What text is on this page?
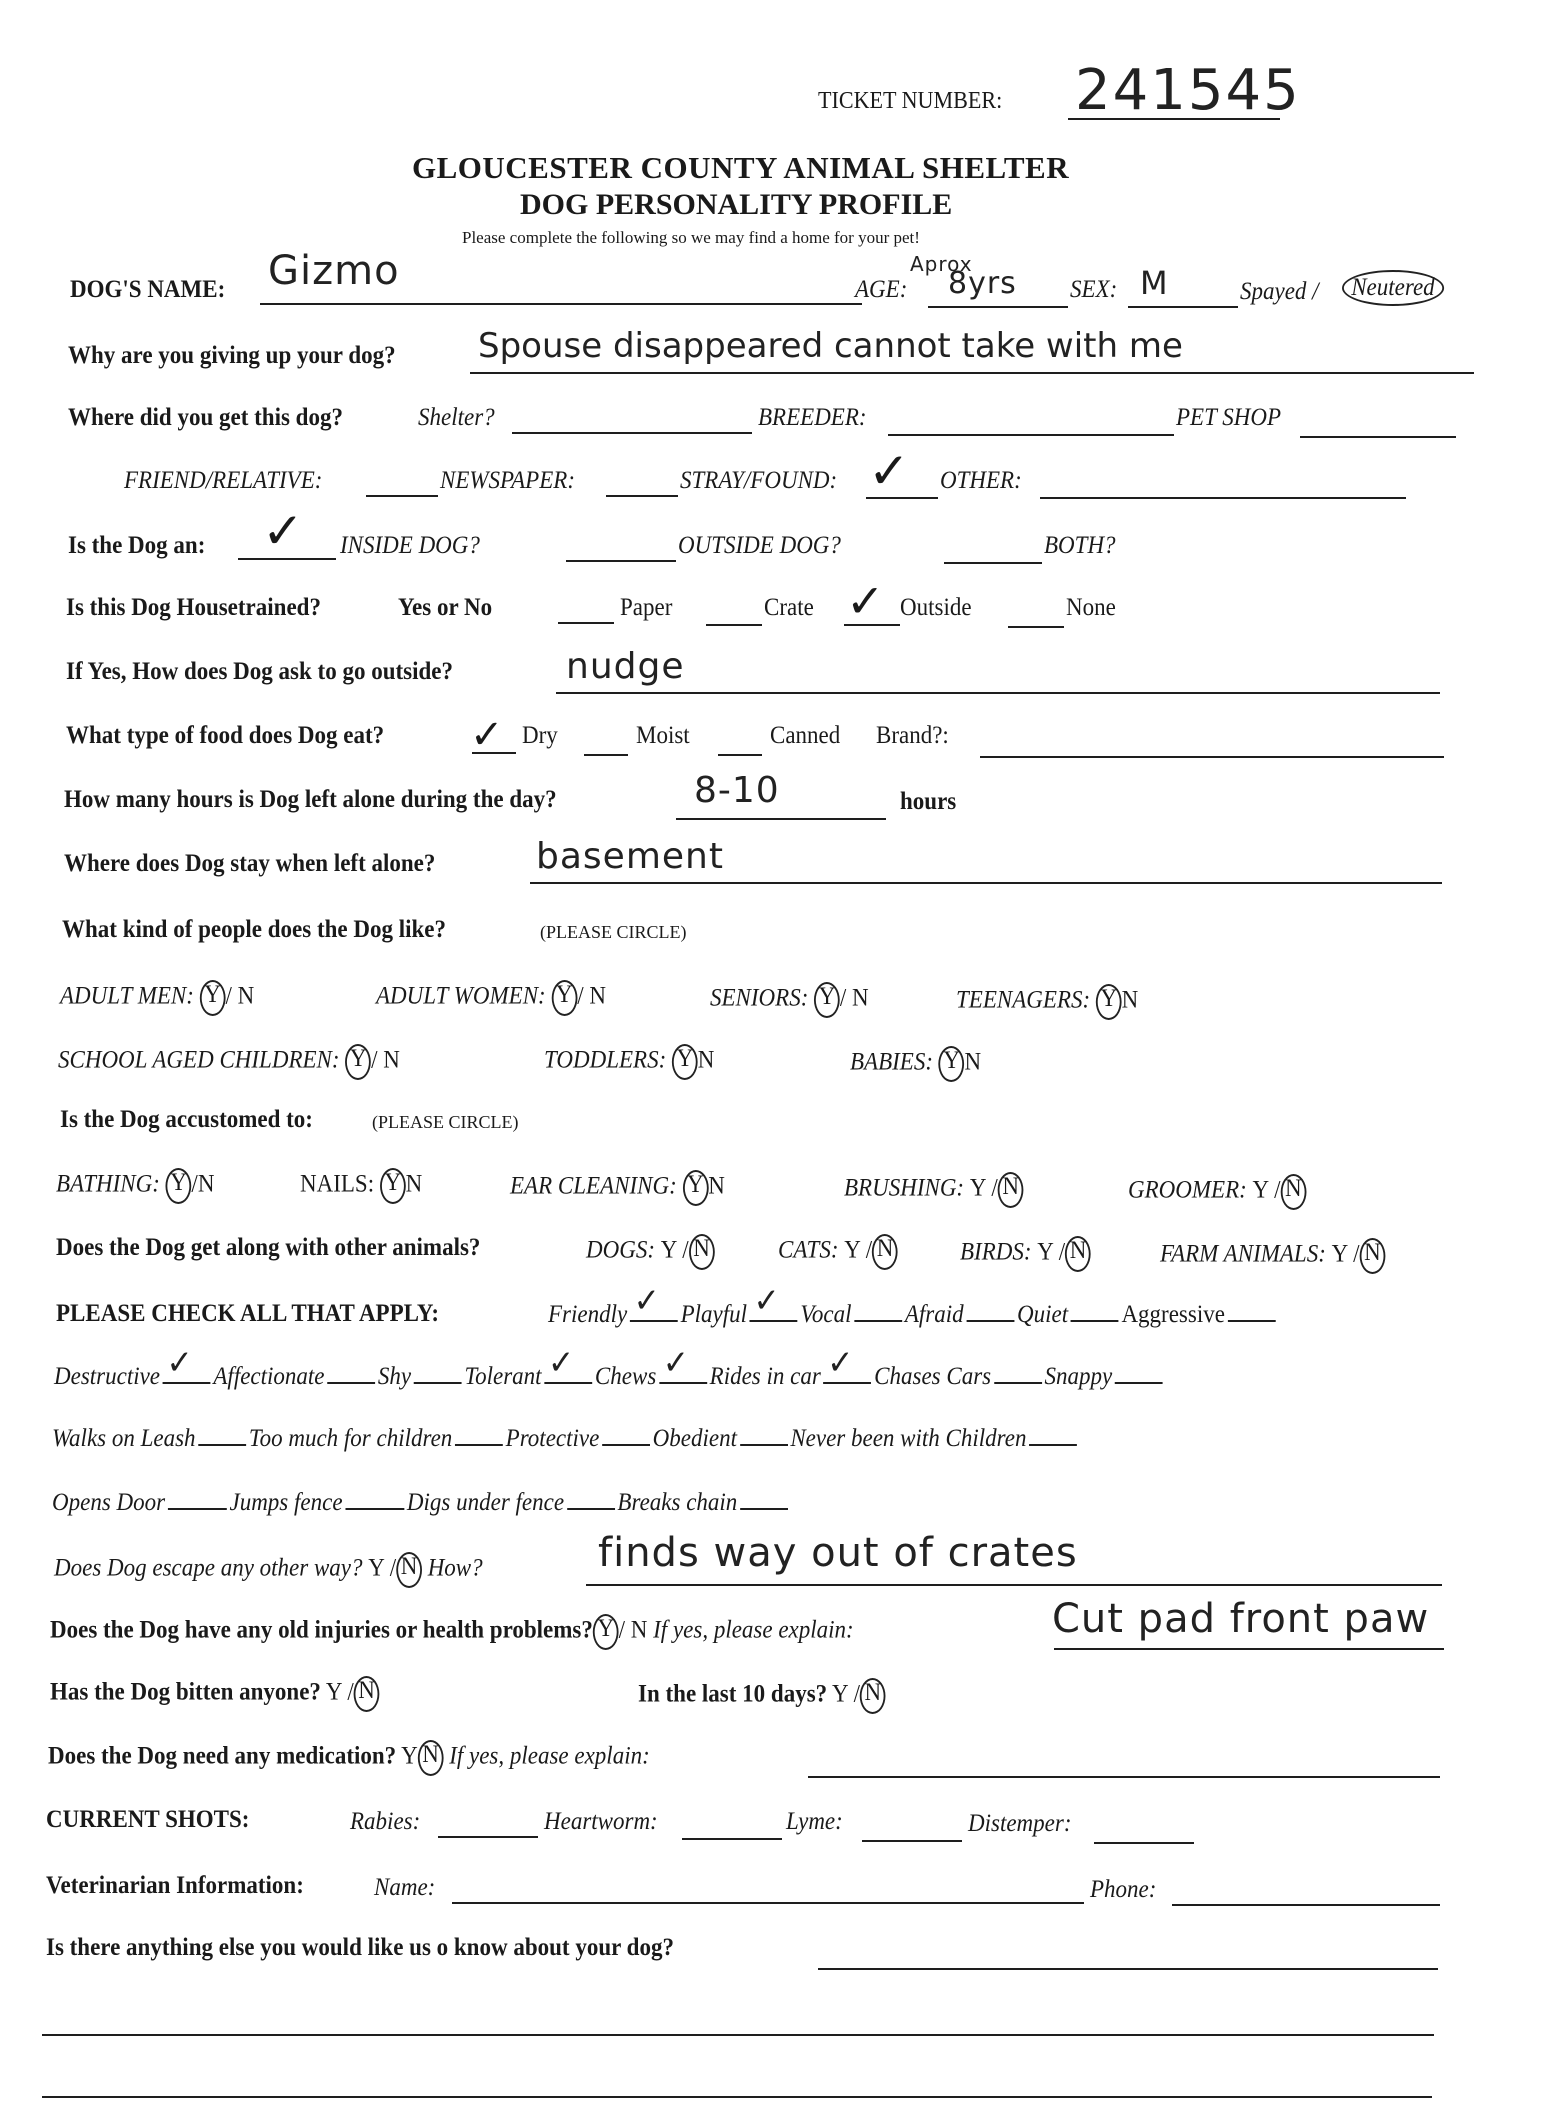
TICKET NUMBER: 241545
GLOUCESTER COUNTY ANIMAL SHELTER
DOG PERSONALITY PROFILE
Please complete the following so we may find a home for your pet!
DOG'S NAME: Gizmo	Aprox
AGE: 8yrs SEX: M	Spayed /	Neutered
Why are you giving up your dog? Spouse disappeared cannot take with me
Where did you get this dog?	Shelter?	BREEDER:	PET SHOP
FRIEND/RELATIVE:	NEWSPAPER:	STRAY/FOUND: ✓ OTHER:
Is the Dog an: ✓ INSIDE DOG?	OUTSIDE DOG?	BOTH?
Is this Dog Housetrained?	Yes or No	Paper	Crate ✓ Outside	None
If Yes, How does Dog ask to go outside?	nudge
What type of food does Dog eat? ✓ Dry	Moist	Canned Brand?:
How many hours is Dog left alone during the day?	8-10	hours
Where does Dog stay when left alone?	basement
What kind of people does the Dog like?	(PLEASE CIRCLE)
ADULT MEN: Y / N	ADULT WOMEN: Y / N	SENIORS: Y / N	TEENAGERS: Y N
SCHOOL AGED CHILDREN: Y / N	TODDLERS: Y N	BABIES: Y N
Is the Dog accustomed to:	(PLEASE CIRCLE)
BATHING: Y /N	NAILS: Y N	EAR CLEANING: Y N	BRUSHING: Y / N	GROOMER: Y / N
Does the Dog get along with other animals?	DOGS: Y / N	CATS: Y / N	BIRDS: Y / N	FARM ANIMALS: Y / N
PLEASE CHECK ALL THAT APPLY:	Friendly ✓ Playful ✓ Vocal Afraid Quiet Aggressive
Destructive ✓ Affectionate Shy Tolerant ✓ Chews ✓ Rides in car ✓ Chases Cars Snappy
Walks on Leash Too much for children Protective Obedient Never been with Children
Opens Door	Jumps fence	Digs under fence Breaks chain
Does Dog escape any other way? Y / N How?	finds way out of crates
Does the Dog have any old injuries or health problems? Y / N If yes, please explain:	Cut pad front paw
Has the Dog bitten anyone? Y / N	In the last 10 days? Y / N
Does the Dog need any medication? Y N If yes, please explain:
CURRENT SHOTS:	Rabies:	Heartworm:	Lyme:	Distemper:
Veterinarian Information:	Name:	Phone:
Is there anything else you would like us o know about your dog?
